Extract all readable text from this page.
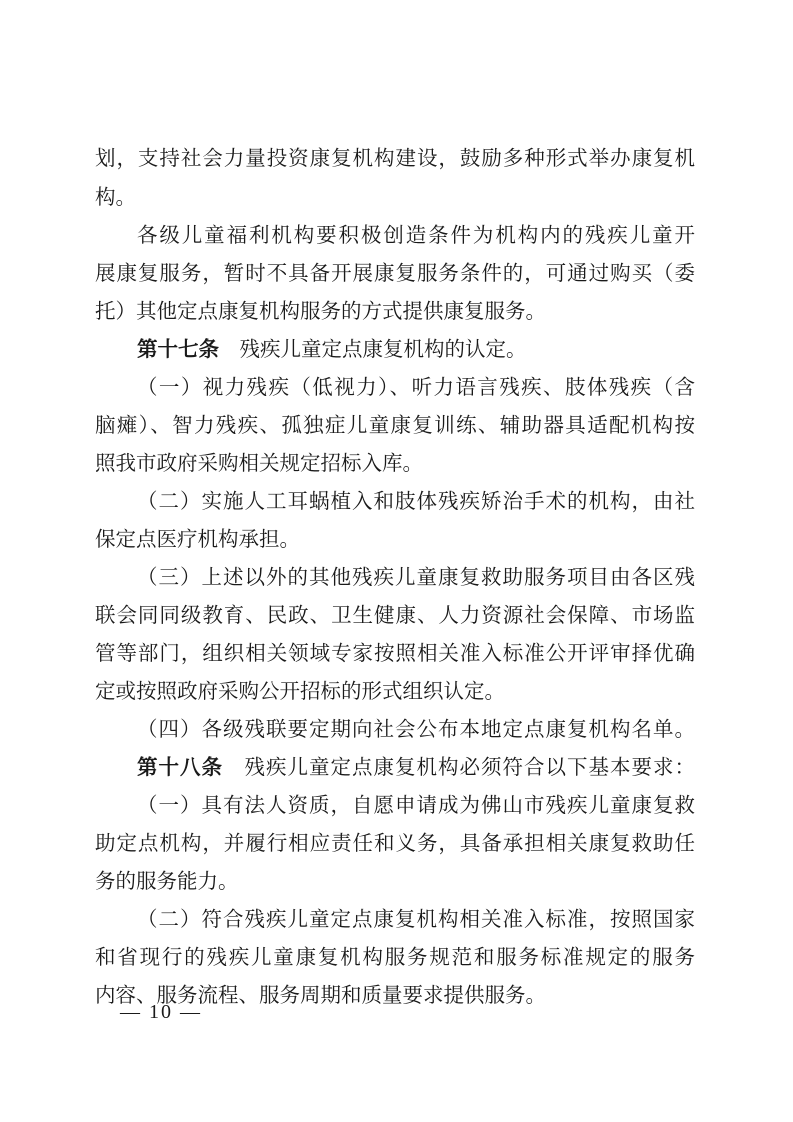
划，支持社会力量投资康复机构建设，鼓励多种形式举办康复机
构。
各级儿童福利机构要积极创造条件为机构内的残疾儿童开
展康复服务，暂时不具备开展康复服务条件的，可通过购买（委
托）其他定点康复机构服务的方式提供康复服务。
第十七条　 残疾儿童定点康复机构的认定。
（一）视力残疾（低视力）、听力语言残疾、肢体残疾（含
脑瘫）、智力残疾、孤独症儿童康复训练、辅助器具适配机构按
照我市政府采购相关规定招标入库。
（二）实施人工耳蜗植入和肢体残疾矫治手术的机构，由社
保定点医疗机构承担。
（三）上述以外的其他残疾儿童康复救助服务项目由各区残
联会同同级教育、民政、卫生健康、人力资源社会保障、市场监
管等部门，组织相关领域专家按照相关准入标准公开评审择优确
定或按照政府采购公开招标的形式组织认定。
（四）各级残联要定期向社会公布本地定点康复机构名单。
第十八条　 残疾儿童定点康复机构必须符合以下基本要求：
（一）具有法人资质，自愿申请成为佛山市残疾儿童康复救
助定点机构，并履行相应责任和义务，具备承担相关康复救助任
务的服务能力。
（二）符合残疾儿童定点康复机构相关准入标准，按照国家
和省现行的残疾儿童康复机构服务规范和服务标准规定的服务
内容、服务流程、服务周期和质量要求提供服务。
— 10 —
